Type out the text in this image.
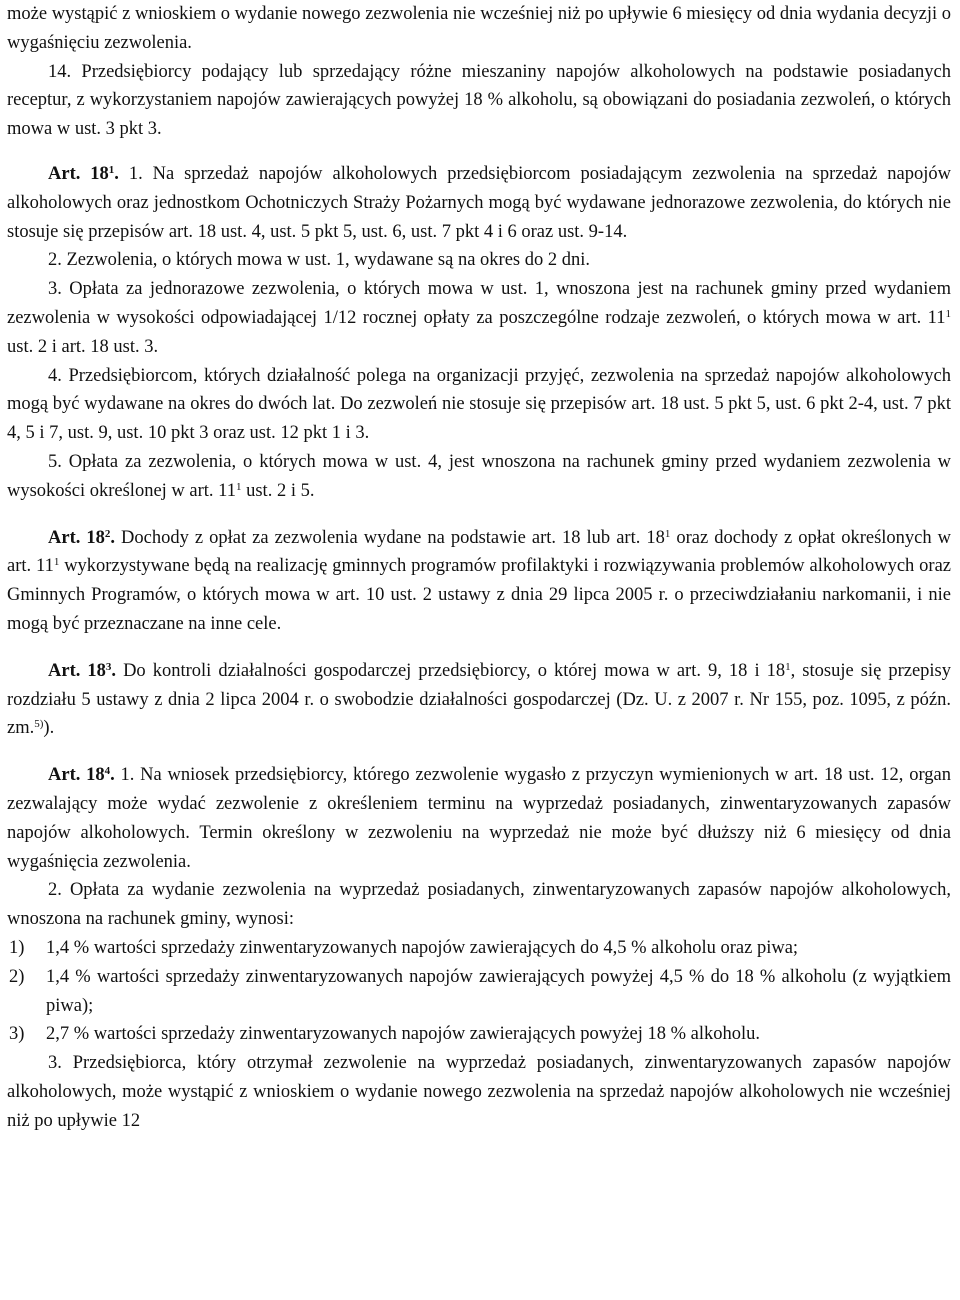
może wystąpić z wnioskiem o wydanie nowego zezwolenia nie wcześniej niż po upływie 6 miesięcy od dnia wydania decyzji o wygaśnięciu zezwolenia.

14. Przedsiębiorcy podający lub sprzedający różne mieszaniny napojów alkoholowych na podstawie posiadanych receptur, z wykorzystaniem napojów zawierających powyżej 18 % alkoholu, są obowiązani do posiadania zezwoleń, o których mowa w ust. 3 pkt 3.

Art. $18^1$. 1. Na sprzedaż napojów alkoholowych przedsiębiorcom posiadającym zezwolenia na sprzedaż napojów alkoholowych oraz jednostkom Ochotniczych Straży Pożarnych mogą być wydawane jednorazowe zezwolenia, do których nie stosuje się przepisów art. 18 ust. 4, ust. 5 pkt 5, ust. 6, ust. 7 pkt 4 i 6 oraz ust. 9-14.

2. Zezwolenia, o których mowa w ust. 1, wydawane są na okres do 2 dni.

3. Opłata za jednorazowe zezwolenia, o których mowa w ust. 1, wnoszona jest na rachunek gminy przed wydaniem zezwolenia w wysokości odpowiadającej 1/12 rocznej opłaty za poszczególne rodzaje zezwoleń, o których mowa w art. $11^1$ ust. 2 i art. 18 ust. 3.

4. Przedsiębiorcom, których działalność polega na organizacji przyjęć, zezwolenia na sprzedaż napojów alkoholowych mogą być wydawane na okres do dwóch lat. Do zezwoleń nie stosuje się przepisów art. 18 ust. 5 pkt 5, ust. 6 pkt 2-4, ust. 7 pkt 4, 5 i 7, ust. 9, ust. 10 pkt 3 oraz ust. 12 pkt 1 i 3.

5. Opłata za zezwolenia, o których mowa w ust. 4, jest wnoszona na rachunek gminy przed wydaniem zezwolenia w wysokości określonej w art. $11^1$ ust. 2 i 5.

Art. $18^2$. Dochody z opłat za zezwolenia wydane na podstawie art. 18 lub art. $18^1$ oraz dochody z opłat określonych w art. $11^1$ wykorzystywane będą na realizację gminnych programów profilaktyki i rozwiązywania problemów alkoholowych oraz Gminnych Programów, o których mowa w art. 10 ust. 2 ustawy z dnia 29 lipca 2005 r. o przeciwdziałaniu narkomanii, i nie mogą być przeznaczane na inne cele.

Art. $18^3$. Do kontroli działalności gospodarczej przedsiębiorcy, o której mowa w art. 9, 18 i $18^1$, stosuje się przepisy rozdziału 5 ustawy z dnia 2 lipca 2004 r. o swobodzie działalności gospodarczej (Dz. U. z 2007 r. Nr 155, poz. 1095, z późn. zm.$^{5)}$).

Art. $18^4$. 1. Na wniosek przedsiębiorcy, którego zezwolenie wygasło z przyczyn wymienionych w art. 18 ust. 12, organ zezwalający może wydać zezwolenie z określeniem terminu na wyprzedaż posiadanych, zinwentaryzowanych zapasów napojów alkoholowych. Termin określony w zezwoleniu na wyprzedaż nie może być dłuższy niż 6 miesięcy od dnia wygaśnięcia zezwolenia.

2. Opłata za wydanie zezwolenia na wyprzedaż posiadanych, zinwentaryzowanych zapasów napojów alkoholowych, wnoszona na rachunek gminy, wynosi:

1)	1,4 % wartości sprzedaży zinwentaryzowanych napojów zawierających do 4,5 % alkoholu oraz piwa;
2)	1,4 % wartości sprzedaży zinwentaryzowanych napojów zawierających powyżej 4,5 % do 18 % alkoholu (z wyjątkiem piwa);
3)	2,7 % wartości sprzedaży zinwentaryzowanych napojów zawierających powyżej 18 % alkoholu.

3. Przedsiębiorca, który otrzymał zezwolenie na wyprzedaż posiadanych, zinwentaryzowanych zapasów napojów alkoholowych, może wystąpić z wnioskiem o wydanie nowego zezwolenia na sprzedaż napojów alkoholowych nie wcześniej niż po upływie 12
